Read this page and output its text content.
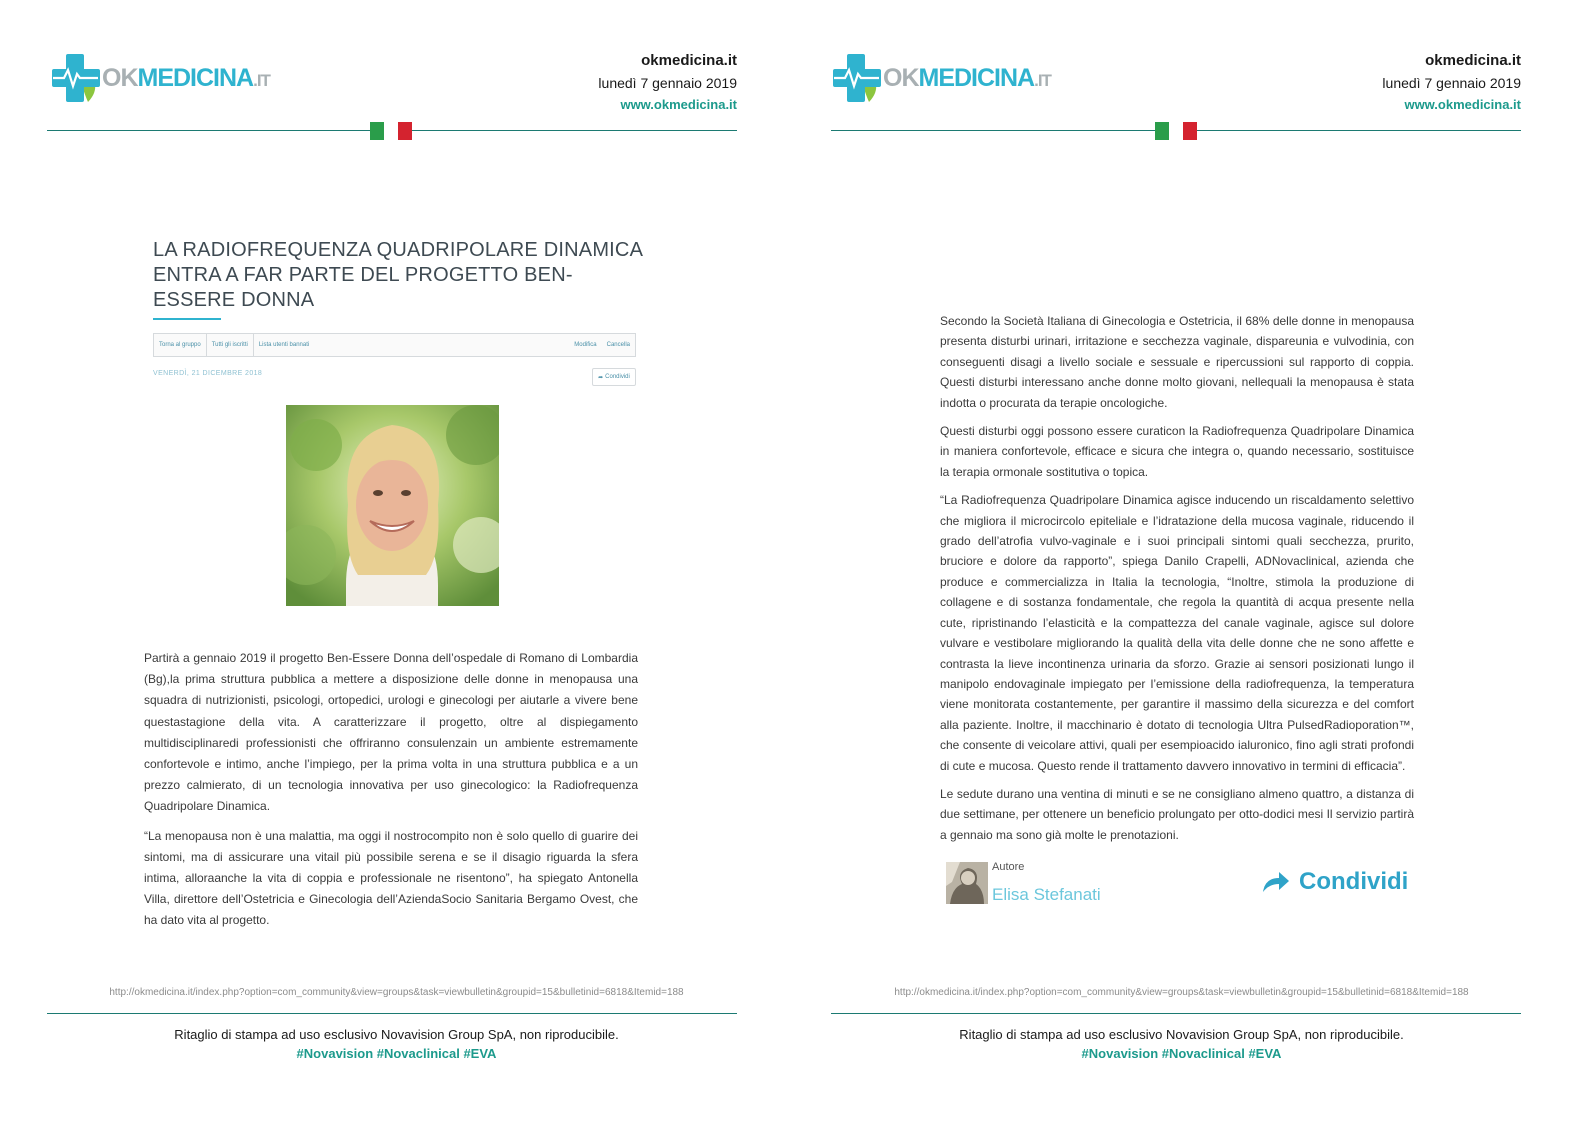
OKMEDICINA.IT
okmedicina.it
lunedì 7 gennaio 2019
www.okmedicina.it
LA RADIOFREQUENZA QUADRIPOLARE DINAMICA ENTRA A FAR PARTE DEL PROGETTO BEN-ESSERE DONNA
Torna al gruppo	Tutti gli iscritti	Lista utenti bannati	Modifica	Cancella
VENERDÌ, 21 DICEMBRE 2018
➦ Condividi

Partirà a gennaio 2019 il progetto Ben-Essere Donna dell’ospedale di Romano di Lombardia (Bg),la prima struttura pubblica a mettere a disposizione delle donne in menopausa una squadra di nutrizionisti, psicologi, ortopedici, urologi e ginecologi per aiutarle a vivere bene questastagione della vita. A caratterizzare il progetto, oltre al dispiegamento multidisciplinaredi professionisti che offriranno consulenzain un ambiente estremamente confortevole e intimo, anche l’impiego, per la prima volta in una struttura pubblica e a un prezzo calmierato, di un tecnologia innovativa per uso ginecologico: la Radiofrequenza Quadripolare Dinamica.

“La menopausa non è una malattia, ma oggi il nostrocompito non è solo quello di guarire dei sintomi, ma di assicurare una vitail più possibile serena e se il disagio riguarda la sfera intima, alloraanche la vita di coppia e professionale ne risentono”, ha spiegato Antonella Villa, direttore dell’Ostetricia e Ginecologia dell’AziendaSocio Sanitaria Bergamo Ovest, che ha dato vita al progetto.

http://okmedicina.it/index.php?option=com_community&view=groups&task=viewbulletin&groupid=15&bulletinid=6818&Itemid=188
Ritaglio di stampa ad uso esclusivo Novavision Group SpA, non riproducibile.
#Novavision #Novaclinical #EVA
OKMEDICINA.IT
okmedicina.it
lunedì 7 gennaio 2019
www.okmedicina.it

Secondo la Società Italiana di Ginecologia e Ostetricia, il 68% delle donne in menopausa presenta disturbi urinari, irritazione e secchezza vaginale, dispareunia e vulvodinia, con conseguenti disagi a livello sociale e sessuale e ripercussioni sul rapporto di coppia. Questi disturbi interessano anche donne molto giovani, nellequali la menopausa è stata indotta o procurata da terapie oncologiche.

Questi disturbi oggi possono essere curaticon la Radiofrequenza Quadripolare Dinamica in maniera confortevole, efficace e sicura che integra o, quando necessario, sostituisce la terapia ormonale sostitutiva o topica.

“La Radiofrequenza Quadripolare Dinamica agisce inducendo un riscaldamento selettivo che migliora il microcircolo epiteliale e l’idratazione della mucosa vaginale, riducendo il grado dell’atrofia vulvo-vaginale e i suoi principali sintomi quali secchezza, prurito, bruciore e dolore da rapporto”, spiega Danilo Crapelli, ADNovaclinical, azienda che produce e commercializza in Italia la tecnologia, “Inoltre, stimola la produzione di collagene e di sostanza fondamentale, che regola la quantità di acqua presente nella cute, ripristinando l’elasticità e la compattezza del canale vaginale, agisce sul dolore vulvare e vestibolare migliorando la qualità della vita delle donne che ne sono affette e contrasta la lieve incontinenza urinaria da sforzo. Grazie ai sensori posizionati lungo il manipolo endovaginale impiegato per l’emissione della radiofrequenza, la temperatura viene monitorata costantemente, per garantire il massimo della sicurezza e del comfort alla paziente. Inoltre, il macchinario è dotato di tecnologia Ultra PulsedRadioporation™, che consente di veicolare attivi, quali per esempioacido ialuronico, fino agli strati profondi di cute e mucosa. Questo rende il trattamento davvero innovativo in termini di efficacia”.

Le sedute durano una ventina di minuti e se ne consigliano almeno quattro, a distanza di due settimane, per ottenere un beneficio prolungato per otto-dodici mesi Il servizio partirà a gennaio ma sono già molte le prenotazioni.

Autore
Elisa Stefanati	Condividi
http://okmedicina.it/index.php?option=com_community&view=groups&task=viewbulletin&groupid=15&bulletinid=6818&Itemid=188
Ritaglio di stampa ad uso esclusivo Novavision Group SpA, non riproducibile.
#Novavision #Novaclinical #EVA
